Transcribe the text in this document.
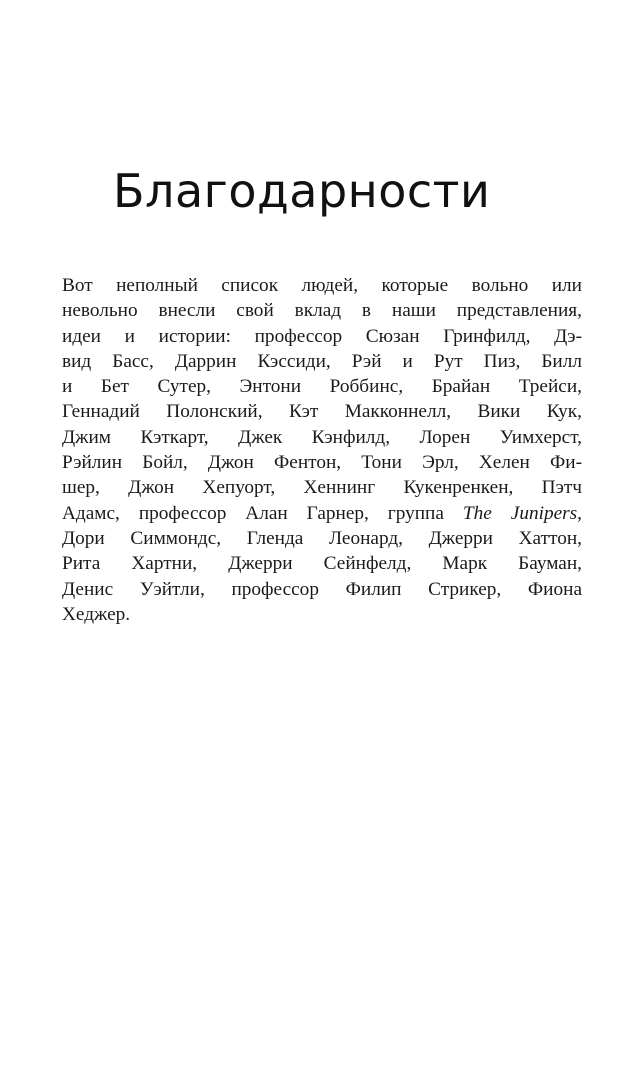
Благодарности

Вот неполный список людей, которые вольно или
невольно внесли свой вклад в наши представления,
идеи и истории: профессор Сюзан Гринфилд, Дэ-
вид Басс, Даррин Кэссиди, Рэй и Рут Пиз, Билл
и Бет Сутер, Энтони Роббинс, Брайан Трейси,
Геннадий Полонский, Кэт Макконнелл, Вики Кук,
Джим Кэткарт, Джек Кэнфилд, Лорен Уимхерст,
Рэйлин Бойл, Джон Фентон, Тони Эрл, Хелен Фи-
шер, Джон Хепуорт, Хеннинг Кукенренкен, Пэтч
Адамс, профессор Алан Гарнер, группа The Junipers,
Дори Симмондс, Гленда Леонард, Джерри Хаттон,
Рита Хартни, Джерри Сейнфелд, Марк Бауман,
Денис Уэйтли, профессор Филип Стрикер, Фиона
Хеджер.
